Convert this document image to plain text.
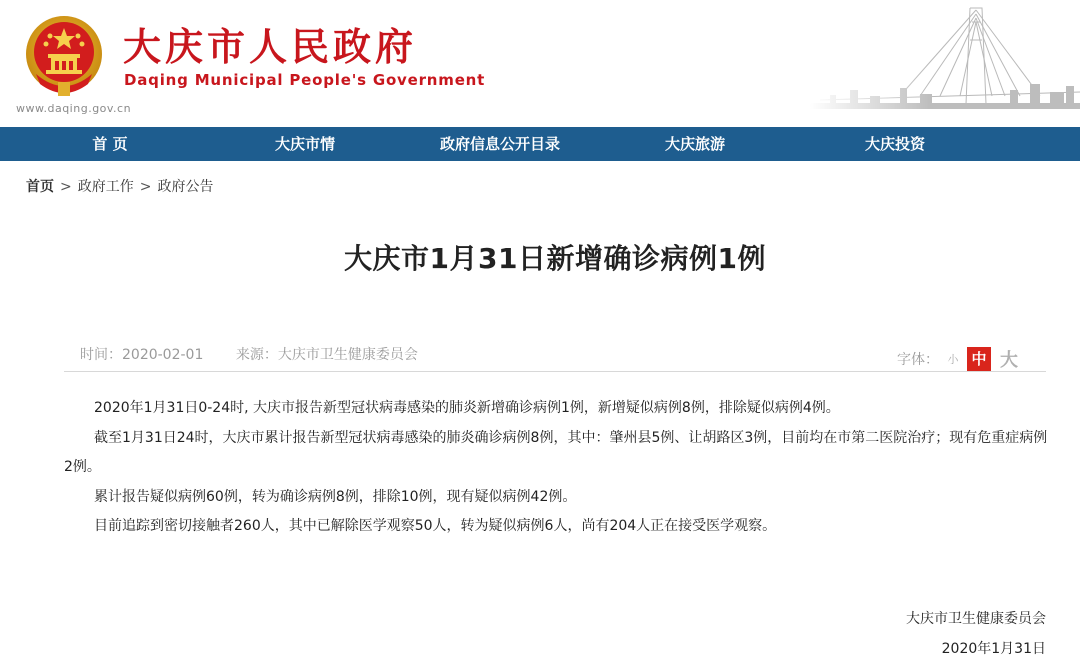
www.daqing.gov.cn
大庆市人民政府
Daqing Municipal People's Government
首 页	大庆市情	政府信息公开目录	大庆旅游	大庆投资
首页 > 政府工作 > 政府公告
大庆市1月31日新增确诊病例1例
时间：2020-02-01 来源：大庆市卫生健康委员会	字体： 小 中 大

2020年1月31日0-24时, 大庆市报告新型冠状病毒感染的肺炎新增确诊病例1例，新增疑似病例8例，排除疑似病例4例。

截至1月31日24时，大庆市累计报告新型冠状病毒感染的肺炎确诊病例8例，其中：肇州县5例、让胡路区3例，目前均在市第二医院治疗；现有危重症病例2例。

累计报告疑似病例60例，转为确诊病例8例，排除10例，现有疑似病例42例。

目前追踪到密切接触者260人，其中已解除医学观察50人，转为疑似病例6人，尚有204人正在接受医学观察。

大庆市卫生健康委员会
2020年1月31日
